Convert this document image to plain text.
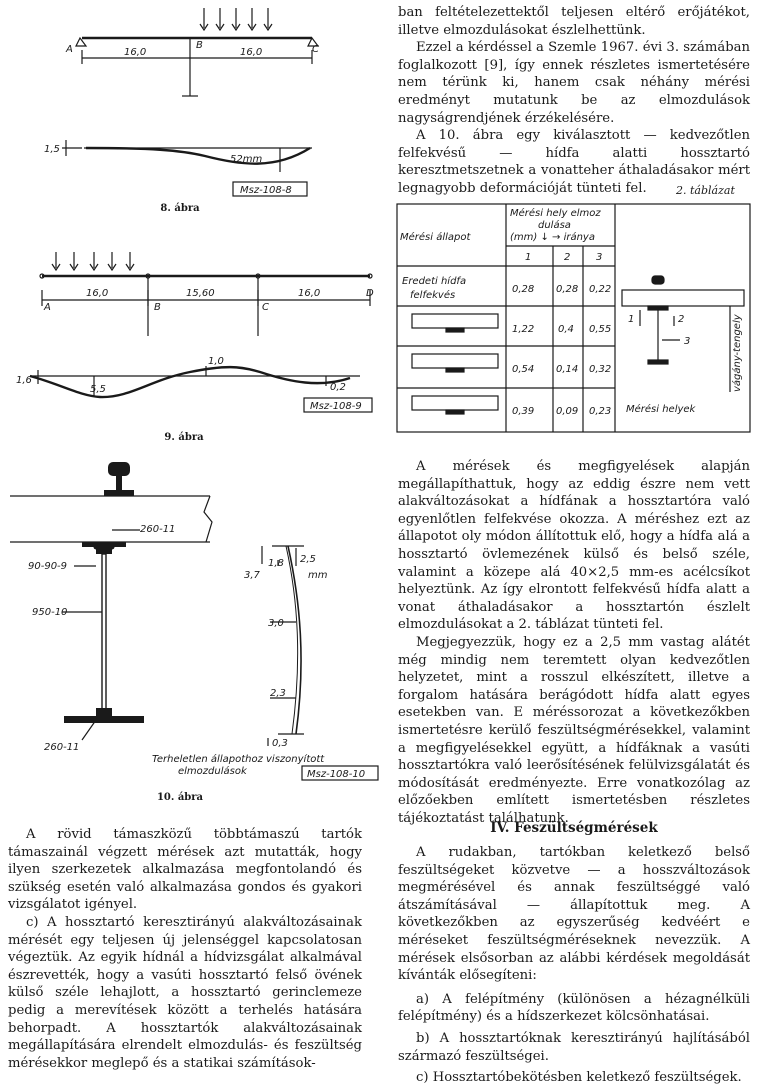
A	B	C
16,0	16,0
1,5
52mm
Msz-108-8
8. ábra
A	B	C
D
16,0	15,60	16,0
1,6
5,5
1,0
0,2
Msz-108-9
9. ábra
260-11
90-90-9
950-10
260-11
3,7
1,8 2,5
mm
3,0
2,3
0,3
Terheletlen állapothoz viszonyított
elmozdulások	Msz-108-10
10. ábra

A rövid támaszközű többtámaszú tartók támaszainál végzett mérések azt mutatták, hogy ilyen szerkezetek alkalmazása megfontolandó és szükség esetén való alkalmazása gondos és gyakori vizsgálatot igényel.

c) A hossztartó keresztirányú alakváltozásainak mérését egy teljesen új jelenséggel kapcsolatosan végeztük. Az egyik hídnál a hídvizsgálat alkalmával észrevették, hogy a vasúti hossztartó felső övének külső széle lehajlott, a hossztartó gerinclemeze pedig a merevítések között a terhelés hatására behorpadt. A hossztartók alakváltozásainak megállapítására elrendelt elmozdulás- és feszültség mérésekkor meglepő és a statikai számítások-

ban feltételezettektől teljesen eltérő erőjátékot, illetve elmozdulásokat észlelhettünk.

Ezzel a kérdéssel a Szemle 1967. évi 3. számában foglalkozott [9], így ennek részletes ismertetésére nem térünk ki, hanem csak néhány mérési eredményt mutatunk be az elmozdulások nagyságrendjének érzékelésére.

A 10. ábra egy kiválasztott — kedvezőtlen felfekvésű — hídfa alatti hossztartó keresztmetszetnek a vonatteher áthaladásakor mért legnagyobb deformációját tünteti fel.	2. táblázat
Mérési állapot
Mérési hely elmoz
dulása
(mm) ↓ → iránya
1	2	3
Eredeti hídfa
felfekvés
0,28 0,28 0,22
1,22 0,4 0,55
0,54 0,14 0,32
0,39 0,09 0,23
1	2
3	vágány-tengely
Mérési helyek

A mérések és megfigyelések alapján megállapíthattuk, hogy az eddig észre nem vett alakváltozásokat a hídfának a hossztartóra való egyenlőtlen felfekvése okozza. A méréshez ezt az állapotot oly módon állítottuk elő, hogy a hídfa alá a hossztartó övlemezének külső és belső széle, valamint a közepe alá 40×2,5 mm-es acélcsíkot helyeztünk. Az így elrontott felfekvésű hídfa alatt a vonat áthaladásakor a hossztartón észlelt elmozdulásokat a 2. táblázat tünteti fel.

Megjegyezzük, hogy ez a 2,5 mm vastag alátét még mindig nem teremtett olyan kedvezőtlen helyzetet, mint a rosszul elkészített, illetve a forgalom hatására berágódott hídfa alatt egyes esetekben van. E méréssorozat a következőkben ismertetésre kerülő feszültségmérésekkel, valamint a megfigyelésekkel együtt, a hídfáknak a vasúti hossztartókra való leerősítésének felülvizsgálatát és módosítását eredményezte. Erre vonatkozólag az előzőekben említett ismertetésben részletes tájékoztatást találhatunk.

IV. Feszültségmérések

A rudakban, tartókban keletkező belső feszültségeket közvetve — a hosszváltozások megmérésével és annak feszültséggé való átszámításával — állapítottuk meg. A következőkben az egyszerűség kedvéért e méréseket feszültségméréseknek nevezzük. A mérések elsősorban az alábbi kérdések megoldását kívánták elősegíteni:

a) A felépítmény (különösen a hézagnélküli felépítmény) és a hídszerkezet kölcsönhatásai.

b) A hossztartóknak keresztirányú hajlításából származó feszültségei.

c) Hossztartóbekötésben keletkező feszültségek.
